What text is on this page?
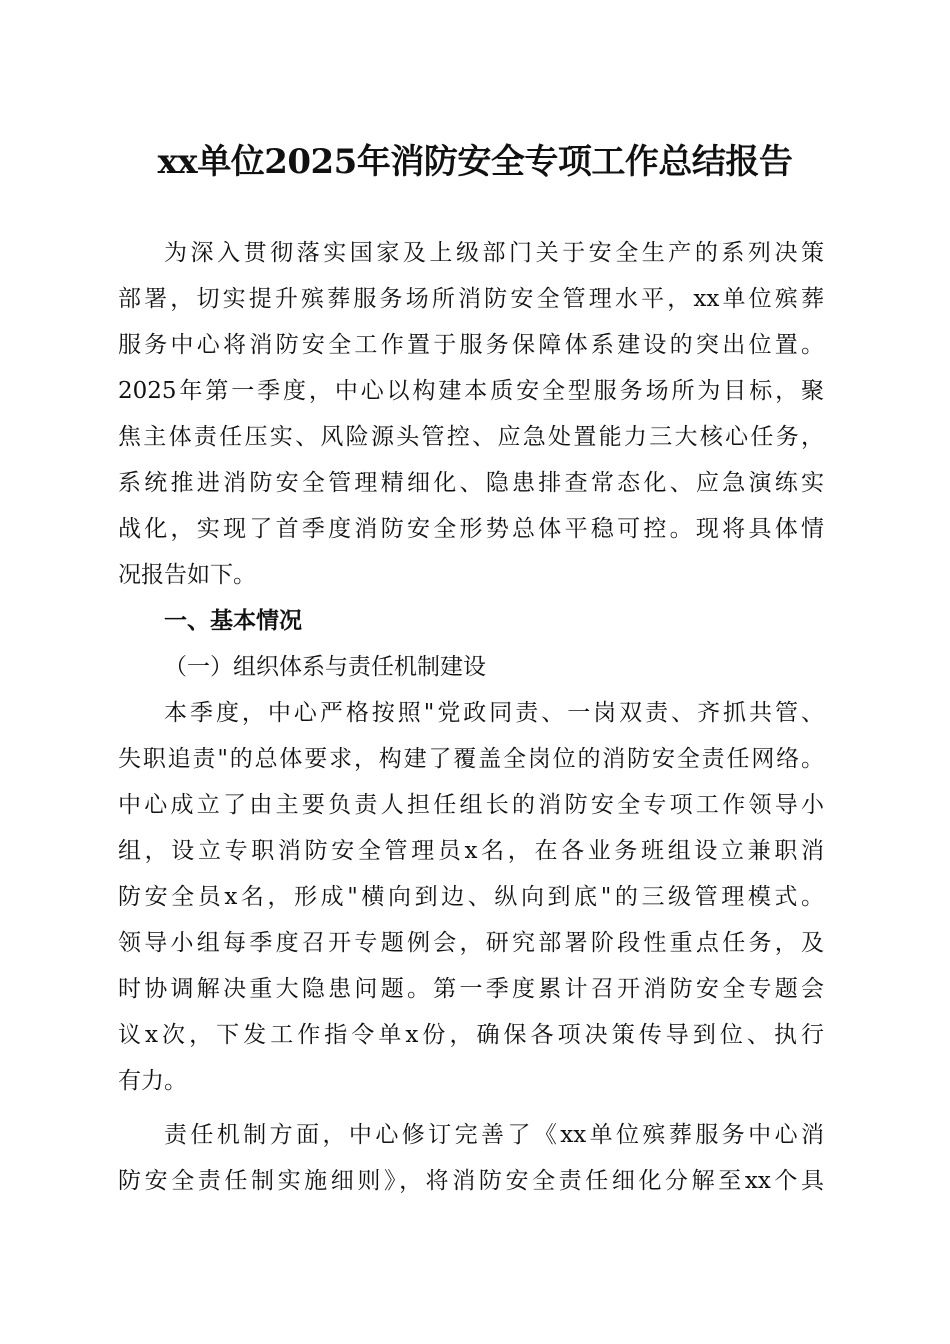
xx单位2025年消防安全专项工作总结报告

为深入贯彻落实国家及上级部门关于安全生产的系列决策
部署，切实提升殡葬服务场所消防安全管理水平，xx单位殡葬
服务中心将消防安全工作置于服务保障体系建设的突出位置。
2025年第一季度，中心以构建本质安全型服务场所为目标，聚
焦主体责任压实、风险源头管控、应急处置能力三大核心任务，
系统推进消防安全管理精细化、隐患排查常态化、应急演练实
战化，实现了首季度消防安全形势总体平稳可控。现将具体情
况报告如下。

一、基本情况
（一）组织体系与责任机制建设

本季度，中心严格按照"党政同责、一岗双责、齐抓共管、
失职追责"的总体要求，构建了覆盖全岗位的消防安全责任网络。
中心成立了由主要负责人担任组长的消防安全专项工作领导小
组，设立专职消防安全管理员x名，在各业务班组设立兼职消
防安全员x名，形成"横向到边、纵向到底"的三级管理模式。
领导小组每季度召开专题例会，研究部署阶段性重点任务，及
时协调解决重大隐患问题。第一季度累计召开消防安全专题会
议x次，下发工作指令单x份，确保各项决策传导到位、执行
有力。

责任机制方面，中心修订完善了《xx单位殡葬服务中心消
防安全责任制实施细则》，将消防安全责任细化分解至xx个具
